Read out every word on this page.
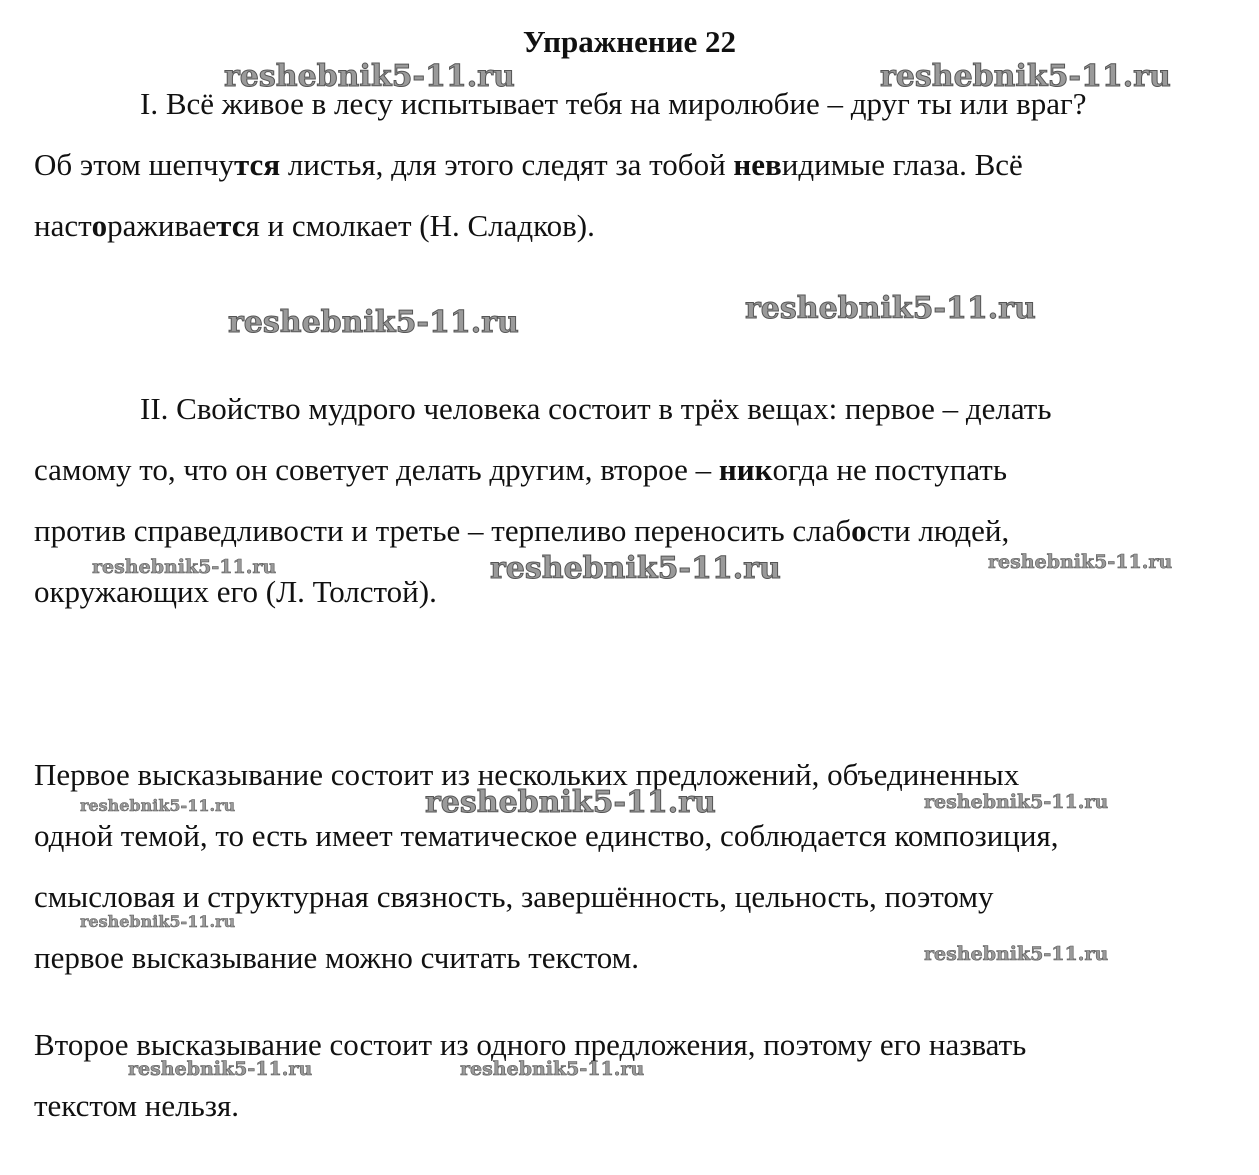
Упражнение 22
I. Всё живое в лесу испытывает тебя на миролюбие – друг ты или враг?
Об этом шепчутся листья, для этого следят за тобой невидимые глаза. Всё
настораживается и смолкает (Н. Сладков).
II. Свойство мудрого человека состоит в трёх вещах: первое – делать
самому то, что он советует делать другим, второе – никогда не поступать
против справедливости и третье – терпеливо переносить слабости людей,
окружающих его (Л. Толстой).
Первое высказывание состоит из нескольких предложений, объединенных
одной темой, то есть имеет тематическое единство, соблюдается композиция,
смысловая и структурная связность, завершённость, цельность, поэтому
первое высказывание можно считать текстом.
Второе высказывание состоит из одного предложения, поэтому его назвать
текстом нельзя.
reshebnik5-11.ru	reshebnik5-11.ru
reshebnik5-11.ru	reshebnik5-11.ru
reshebnik5-11.ru	reshebnik5-11.ru	reshebnik5-11.ru
reshebnik5-11.ru	reshebnik5-11.ru	reshebnik5-11.ru
reshebnik5-11.ru
reshebnik5-11.ru
reshebnik5-11.ru	reshebnik5-11.ru
